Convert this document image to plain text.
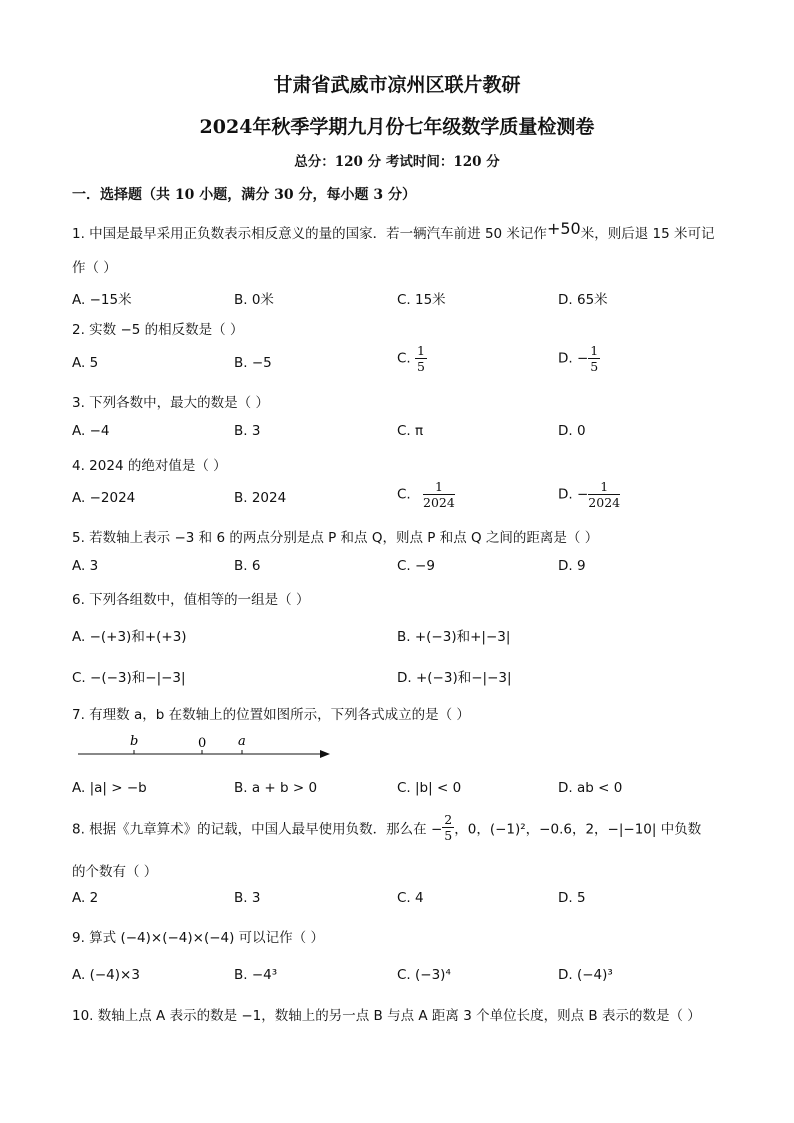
甘肃省武威市凉州区联片教研
2024年秋季学期九月份七年级数学质量检测卷
总分：120 分 考试时间：120 分
一．选择题（共 10 小题，满分 30 分，每小题 3 分）
1. 中国是最早采用正负数表示相反意义的量的国家．若一辆汽车前进 50 米记作+50米，则后退 15 米可记
作（ ）
A. −15米	B. 0米	C. 15米	D. 65米
2. 实数 −5 的相反数是（ ）
A. 5	B. −5	C. $\frac{1}{5}$	D. − $\frac{1}{5}$
3. 下列各数中，最大的数是（ ）
A. −4	B. 3	C. π	D. 0
4. 2024 的绝对值是（ ）
A. −2024	B. 2024	C. $\frac{1}{2024}$	D. − $\frac{1}{2024}$
5. 若数轴上表示 −3 和 6 的两点分别是点 P 和点 Q，则点 P 和点 Q 之间的距离是（ ）
A. 3	B. 6	C. −9	D. 9
6. 下列各组数中，值相等的一组是（ ）
A. −(+3)和+(+3)	B. +(−3)和+|−3|
C. −(−3)和−|−3|	D. +(−3)和−|−3|
7. 有理数 a，b 在数轴上的位置如图所示，下列各式成立的是（ ）
b	0 a
A. |a| > −b	B. a + b > 0	C. |b| < 0	D. ab < 0
8. 根据《九章算术》的记载，中国人最早使用负数．那么在 − $\frac{2}{5}$ ，0，(−1)²，−0.6，2，−|−10| 中负数
的个数有（ ）
A. 2	B. 3	C. 4	D. 5
9. 算式 (−4)×(−4)×(−4) 可以记作（ ）
A. (−4)×3	B. −4³	C. (−3)⁴	D. (−4)³
10. 数轴上点 A 表示的数是 −1，数轴上的另一点 B 与点 A 距离 3 个单位长度，则点 B 表示的数是（ ）
